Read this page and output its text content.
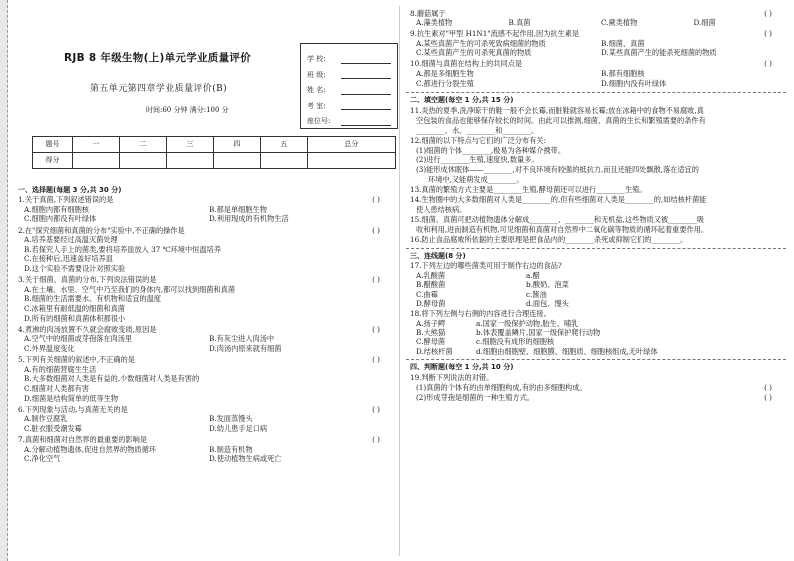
RJB 8 年级生物(上)单元学业质量评价
第五单元第四章学业质量评价(B)
时间:60 分钟 满分:100 分
学 校:
班 级:
姓 名:
考 室:
座位号:
题号	一	二	三	四	五	总分
得分						
一、选择题(每题 3 分,共 30 分)
1.关于真菌,下列叙述错误的是	( )
A.细胞内都有细胞核	B.都是单细胞生物
C.细胞内都没有叶绿体	D.利用现成的有机物生活
2.在"探究细菌和真菌的分布"实验中,不正确的操作是	( )
A.培养基要经过高温灭菌处理
B.若探究人手上的菌类,要将培养皿放入 37 ℃环境中恒温培养
C.在接种后,迅速盖好培养皿
D.这个实验不需要设计对照实验
3.关于细菌、真菌的分布,下列说法错误的是	( )
A.在土壤、水里、空气中乃至我们的身体内,都可以找到细菌和真菌
B.细菌的生活需要水、有机物和适宜的温度
C.冰箱里有耐低温的细菌和真菌
D.所有的细菌和真菌体积都很小
4.煮沸的肉汤放置不久就会腐败变质,原因是	( )
A.空气中的细菌或芽孢落在肉汤里	B.有灰尘进入肉汤中
C.外界温度变化	D.肉汤内原来就有细菌
5.下列有关细菌的叙述中,不正确的是	( )
A.有的细菌营腐生生活
B.大多数细菌对人类是有益的,少数细菌对人类是有害的
C.细菌对人类都有害
D.细菌是结构简单的低等生物
6.下列现象与活动,与真菌无关的是	( )
A.制作豆腐乳	B.发面蒸馒头
C.脏衣服受潮发霉	D.幼儿患手足口病
7.真菌和细菌对自然界的最重要的影响是	( )
A.分解动植物遗体,促进自然界的物质循环	B.制造有机物
C.净化空气	D.使动植物生病或死亡
8.蘑菇属于	( )
A.藻类植物	B.真菌	C.蕨类植物	D.细菌
9.抗生素对"甲型 H1N1"流感不起作用,因为抗生素是	( )
A.某些真菌产生的可杀死致病细菌的物质	B.细菌、真菌
C.某些真菌产生的可杀死真菌的物质	D.某些真菌产生的能杀死细菌的物质
10.细菌与真菌在结构上的共同点是	( )
A.都是多细胞生物	B.都有细胞核
C.都进行分裂生殖	D.细胞内没有叶绿体
二、填空题(每空 1 分,共 15 分)
11.炎热的夏季,洗净晾干的鞋一般不会长霉,而脏鞋就容易长霉;放在冰箱中的食物不易腐败,真
空包装的食品也能够保存较长的时间。由此可以推测,细菌、真菌的生长和繁殖需要的条件有
________、水、________和________。
12.细菌的以下特点与它们的广泛分布有关:
(1)细菌的个体________,极易为各种媒介携带。
(2)进行________生殖,速度快,数量多。
(3)能形成休眠体——________,对不良环境有较强的抵抗力,而且还能四处飘散,落在适宜的
环境中,又能萌发成________。
13.真菌的繁殖方式主要是________生殖,酵母菌还可以进行________生殖。
14.生物圈中的大多数细菌对人类是________的,但有些细菌对人类是________的,如结核杆菌能
使人患结核病。
15.细菌、真菌可把动植物遗体分解成________、________和无机盐,这些物质又被________吸
收和利用,进而制造有机物,可见细菌和真菌对自然界中二氧化碳等物质的循环起着重要作用。
16.防止食品腐败所依据的主要原理是把食品内的________杀死或抑制它们的________。
三、连线题(8 分)
17.下列左边的哪些菌类可用于制作右边的食品?
A.乳酸菌	a.醋
B.醋酸菌	b.酸奶、泡菜
C.曲霉	c.酱油
D.酵母菌	d.面包、馒头
18.将下列左侧与右侧的内容进行合理连接。
A.扬子鳄	a.国家一级保护动物,胎生、哺乳
B.大熊猫	b.体表覆盖鳞片,国家一级保护爬行动物
C.酵母菌	c.细胞没有成形的细胞核
D.结核杆菌	d.细胞由细胞壁、细胞膜、细胞质、细胞核组成,无叶绿体
四、判断题(每空 1 分,共 10 分)
19.判断下列说法的对错。
(1)真菌的个体有的由单细胞构成,有的由多细胞构成。	( )
(2)形成芽孢是细菌的一种生殖方式。	( )
